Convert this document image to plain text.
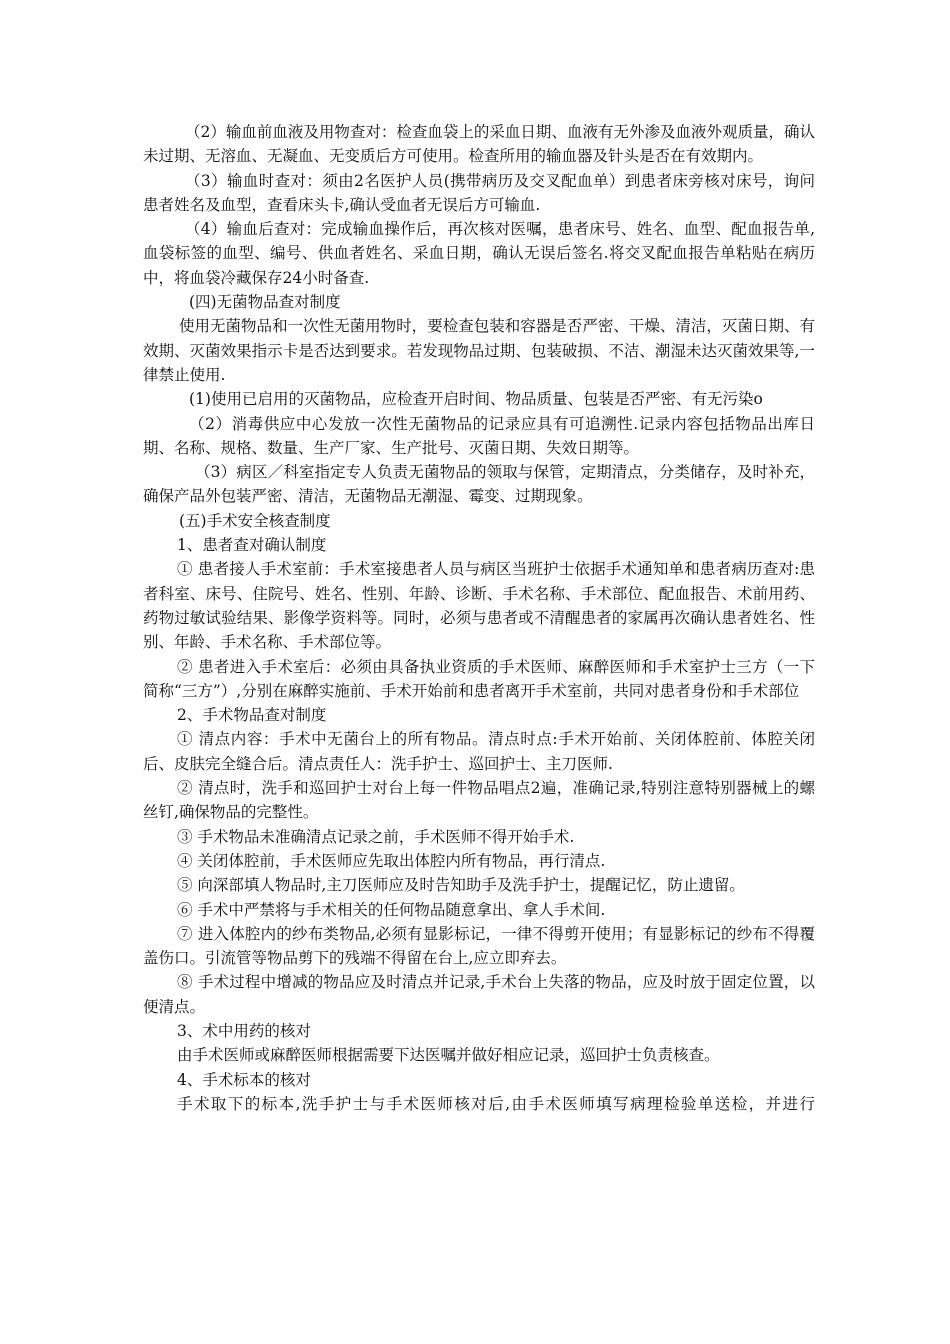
（2）输血前血液及用物查对：检查血袋上的采血日期、血液有无外渗及血液外观质量，确认未过期、无溶血、无凝血、无变质后方可使用。检查所用的输血器及针头是否在有效期内。

（3）输血时查对：须由2名医护人员(携带病历及交叉配血单）到患者床旁核对床号，询问患者姓名及血型，查看床头卡,确认受血者无误后方可输血.

（4）输血后查对：完成输血操作后，再次核对医嘱，患者床号、姓名、血型、配血报告单,血袋标签的血型、编号、供血者姓名、采血日期，确认无误后签名.将交叉配血报告单粘贴在病历中，将血袋冷藏保存24小时备查.

(四)无菌物品查对制度

使用无菌物品和一次性无菌用物时，要检查包装和容器是否严密、干燥、清洁，灭菌日期、有效期、灭菌效果指示卡是否达到要求。若发现物品过期、包装破损、不洁、潮湿未达灭菌效果等,一律禁止使用.

(1)使用已启用的灭菌物品，应检查开启时间、物品质量、包装是否严密、有无污染o

（2）消毒供应中心发放一次性无菌物品的记录应具有可追溯性.记录内容包括物品出库日期、名称、规格、数量、生产厂家、生产批号、灭菌日期、失效日期等。

（3）病区／科室指定专人负责无菌物品的领取与保管，定期清点，分类储存，及时补充，确保产品外包装严密、清洁，无菌物品无潮湿、霉变、过期现象。

(五)手术安全核查制度

1、患者查对确认制度

① 患者接人手术室前：手术室接患者人员与病区当班护士依据手术通知单和患者病历查对:患者科室、床号、住院号、姓名、性别、年龄、诊断、手术名称、手术部位、配血报告、术前用药、药物过敏试验结果、影像学资料等。同时，必须与患者或不清醒患者的家属再次确认患者姓名、性别、年龄、手术名称、手术部位等。

② 患者进入手术室后：必须由具备执业资质的手术医师、麻醉医师和手术室护士三方（一下简称“三方”）,分别在麻醉实施前、手术开始前和患者离开手术室前，共同对患者身份和手术部位

2、手术物品查对制度

① 清点内容：手术中无菌台上的所有物品。清点时点:手术开始前、关闭体腔前、体腔关闭后、皮肤完全缝合后。清点责任人：洗手护士、巡回护士、主刀医师.

② 清点时，洗手和巡回护士对台上每一件物品唱点2遍，准确记录,特别注意特别器械上的螺丝钉,确保物品的完整性。

③ 手术物品未准确清点记录之前，手术医师不得开始手术.

④ 关闭体腔前，手术医师应先取出体腔内所有物品，再行清点.

⑤ 向深部填人物品时,主刀医师应及时告知助手及洗手护士，提醒记忆，防止遗留。

⑥ 手术中严禁将与手术相关的任何物品随意拿出、拿人手术间.

⑦ 进入体腔内的纱布类物品,必须有显影标记，一律不得剪开使用；有显影标记的纱布不得覆盖伤口。引流管等物品剪下的残端不得留在台上,应立即弃去。

⑧ 手术过程中增减的物品应及时清点并记录,手术台上失落的物品，应及时放于固定位置，以便清点。

3、术中用药的核对

由手术医师或麻醉医师根据需要下达医嘱并做好相应记录，巡回护士负责核查。

4、手术标本的核对

手术取下的标本,洗手护士与手术医师核对后,由手术医师填写病理检验单送检，并进行
